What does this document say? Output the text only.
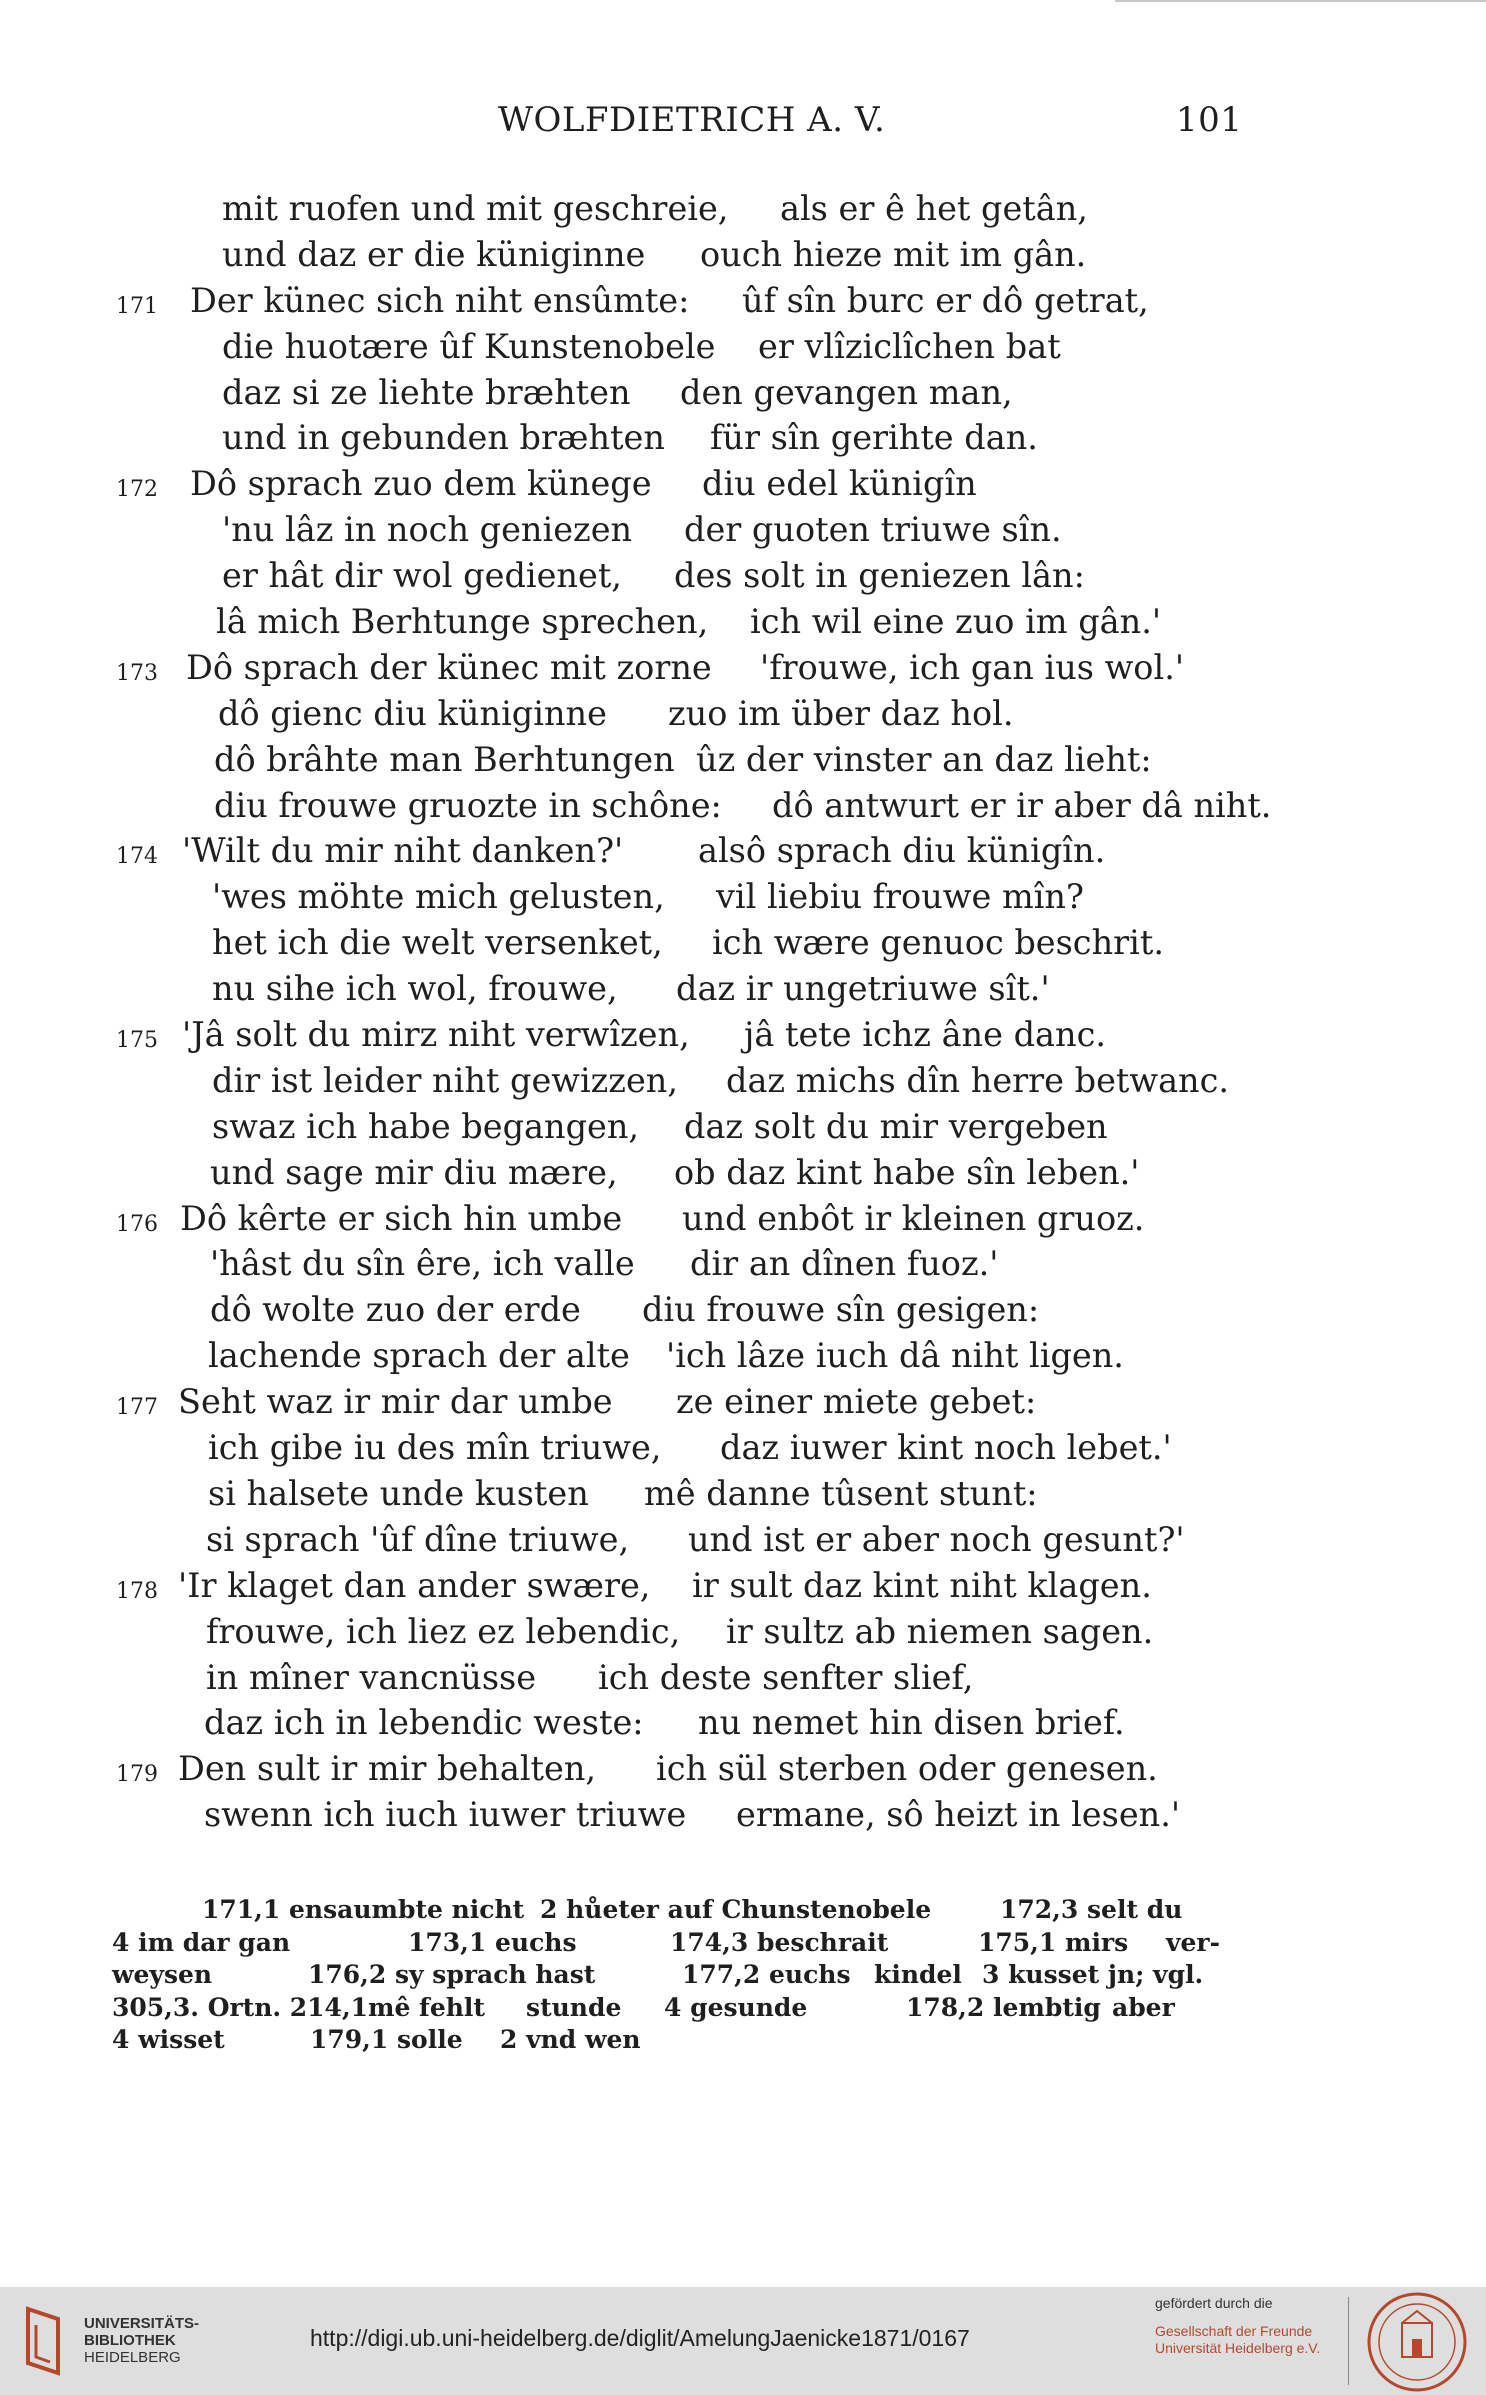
WOLFDIETRICH A. V.	101
mit ruofen und mit geschreie, als er ê het getân,
und daz er die küniginne ouch hieze mit im gân.
171 Der künec sich niht ensûmte: ûf sîn burc er dô getrat,
die huotære ûf Kunstenobele er vlîziclîchen bat
daz si ze liehte bræhten den gevangen man,
und in gebunden bræhten für sîn gerihte dan.
172 Dô sprach zuo dem künege diu edel künigîn
'nu lâz in noch geniezen der guoten triuwe sîn.
er hât dir wol gedienet, des solt in geniezen lân:
lâ mich Berhtunge sprechen, ich wil eine zuo im gân.'
173 Dô sprach der künec mit zorne 'frouwe, ich gan ius wol.'
dô gienc diu küniginne zuo im über daz hol.
dô brâhte man Berhtungen ûz der vinster an daz lieht:
diu frouwe gruozte in schône: dô antwurt er ir aber dâ niht.
174 'Wilt du mir niht danken?' alsô sprach diu künigîn.
'wes möhte mich gelusten, vil liebiu frouwe mîn?
het ich die welt versenket, ich wære genuoc beschrit.
nu sihe ich wol, frouwe, daz ir ungetriuwe sît.'
175 'Jâ solt du mirz niht verwîzen, jâ tete ichz âne danc.
dir ist leider niht gewizzen, daz michs dîn herre betwanc.
swaz ich habe begangen, daz solt du mir vergeben
und sage mir diu mære, ob daz kint habe sîn leben.'
176 Dô kêrte er sich hin umbe und enbôt ir kleinen gruoz.
'hâst du sîn êre, ich valle dir an dînen fuoz.'
dô wolte zuo der erde diu frouwe sîn gesigen:
lachende sprach der alte 'ich lâze iuch dâ niht ligen.
177 Seht waz ir mir dar umbe ze einer miete gebet:
ich gibe iu des mîn triuwe, daz iuwer kint noch lebet.'
si halsete unde kusten mê danne tûsent stunt:
si sprach 'ûf dîne triuwe, und ist er aber noch gesunt?'
178 'Ir klaget dan ander swære, ir sult daz kint niht klagen.
frouwe, ich liez ez lebendic, ir sultz ab niemen sagen.
in mîner vancnüsse ich deste senfter slief,
daz ich in lebendic weste: nu nemet hin disen brief.
179 Den sult ir mir behalten, ich sül sterben oder genesen.
swenn ich iuch iuwer triuwe ermane, sô heizt in lesen.'
171,1 ensaumbte nicht 2 hůeter auf Chunstenobele	172,3 selt du
4 im dar gan	173,1 euchs	174,3 beschrait	175,1 mirs ver-
weysen	176,2 sy sprach hast	177,2 euchs kindel 3 kusset jn; vgl.
305,3. Ortn. 214,1 mê fehlt stunde 4 gesunde	178,2 lembtig aber
4 wisset	179,1 solle 2 vnd wen
UNIVERSITÄTS-
BIBLIOTHEK
HEIDELBERG
http://digi.ub.uni-heidelberg.de/diglit/AmelungJaenicke1871/0167
gefördert durch die
Gesellschaft der Freunde
Universität Heidelberg e.V.
